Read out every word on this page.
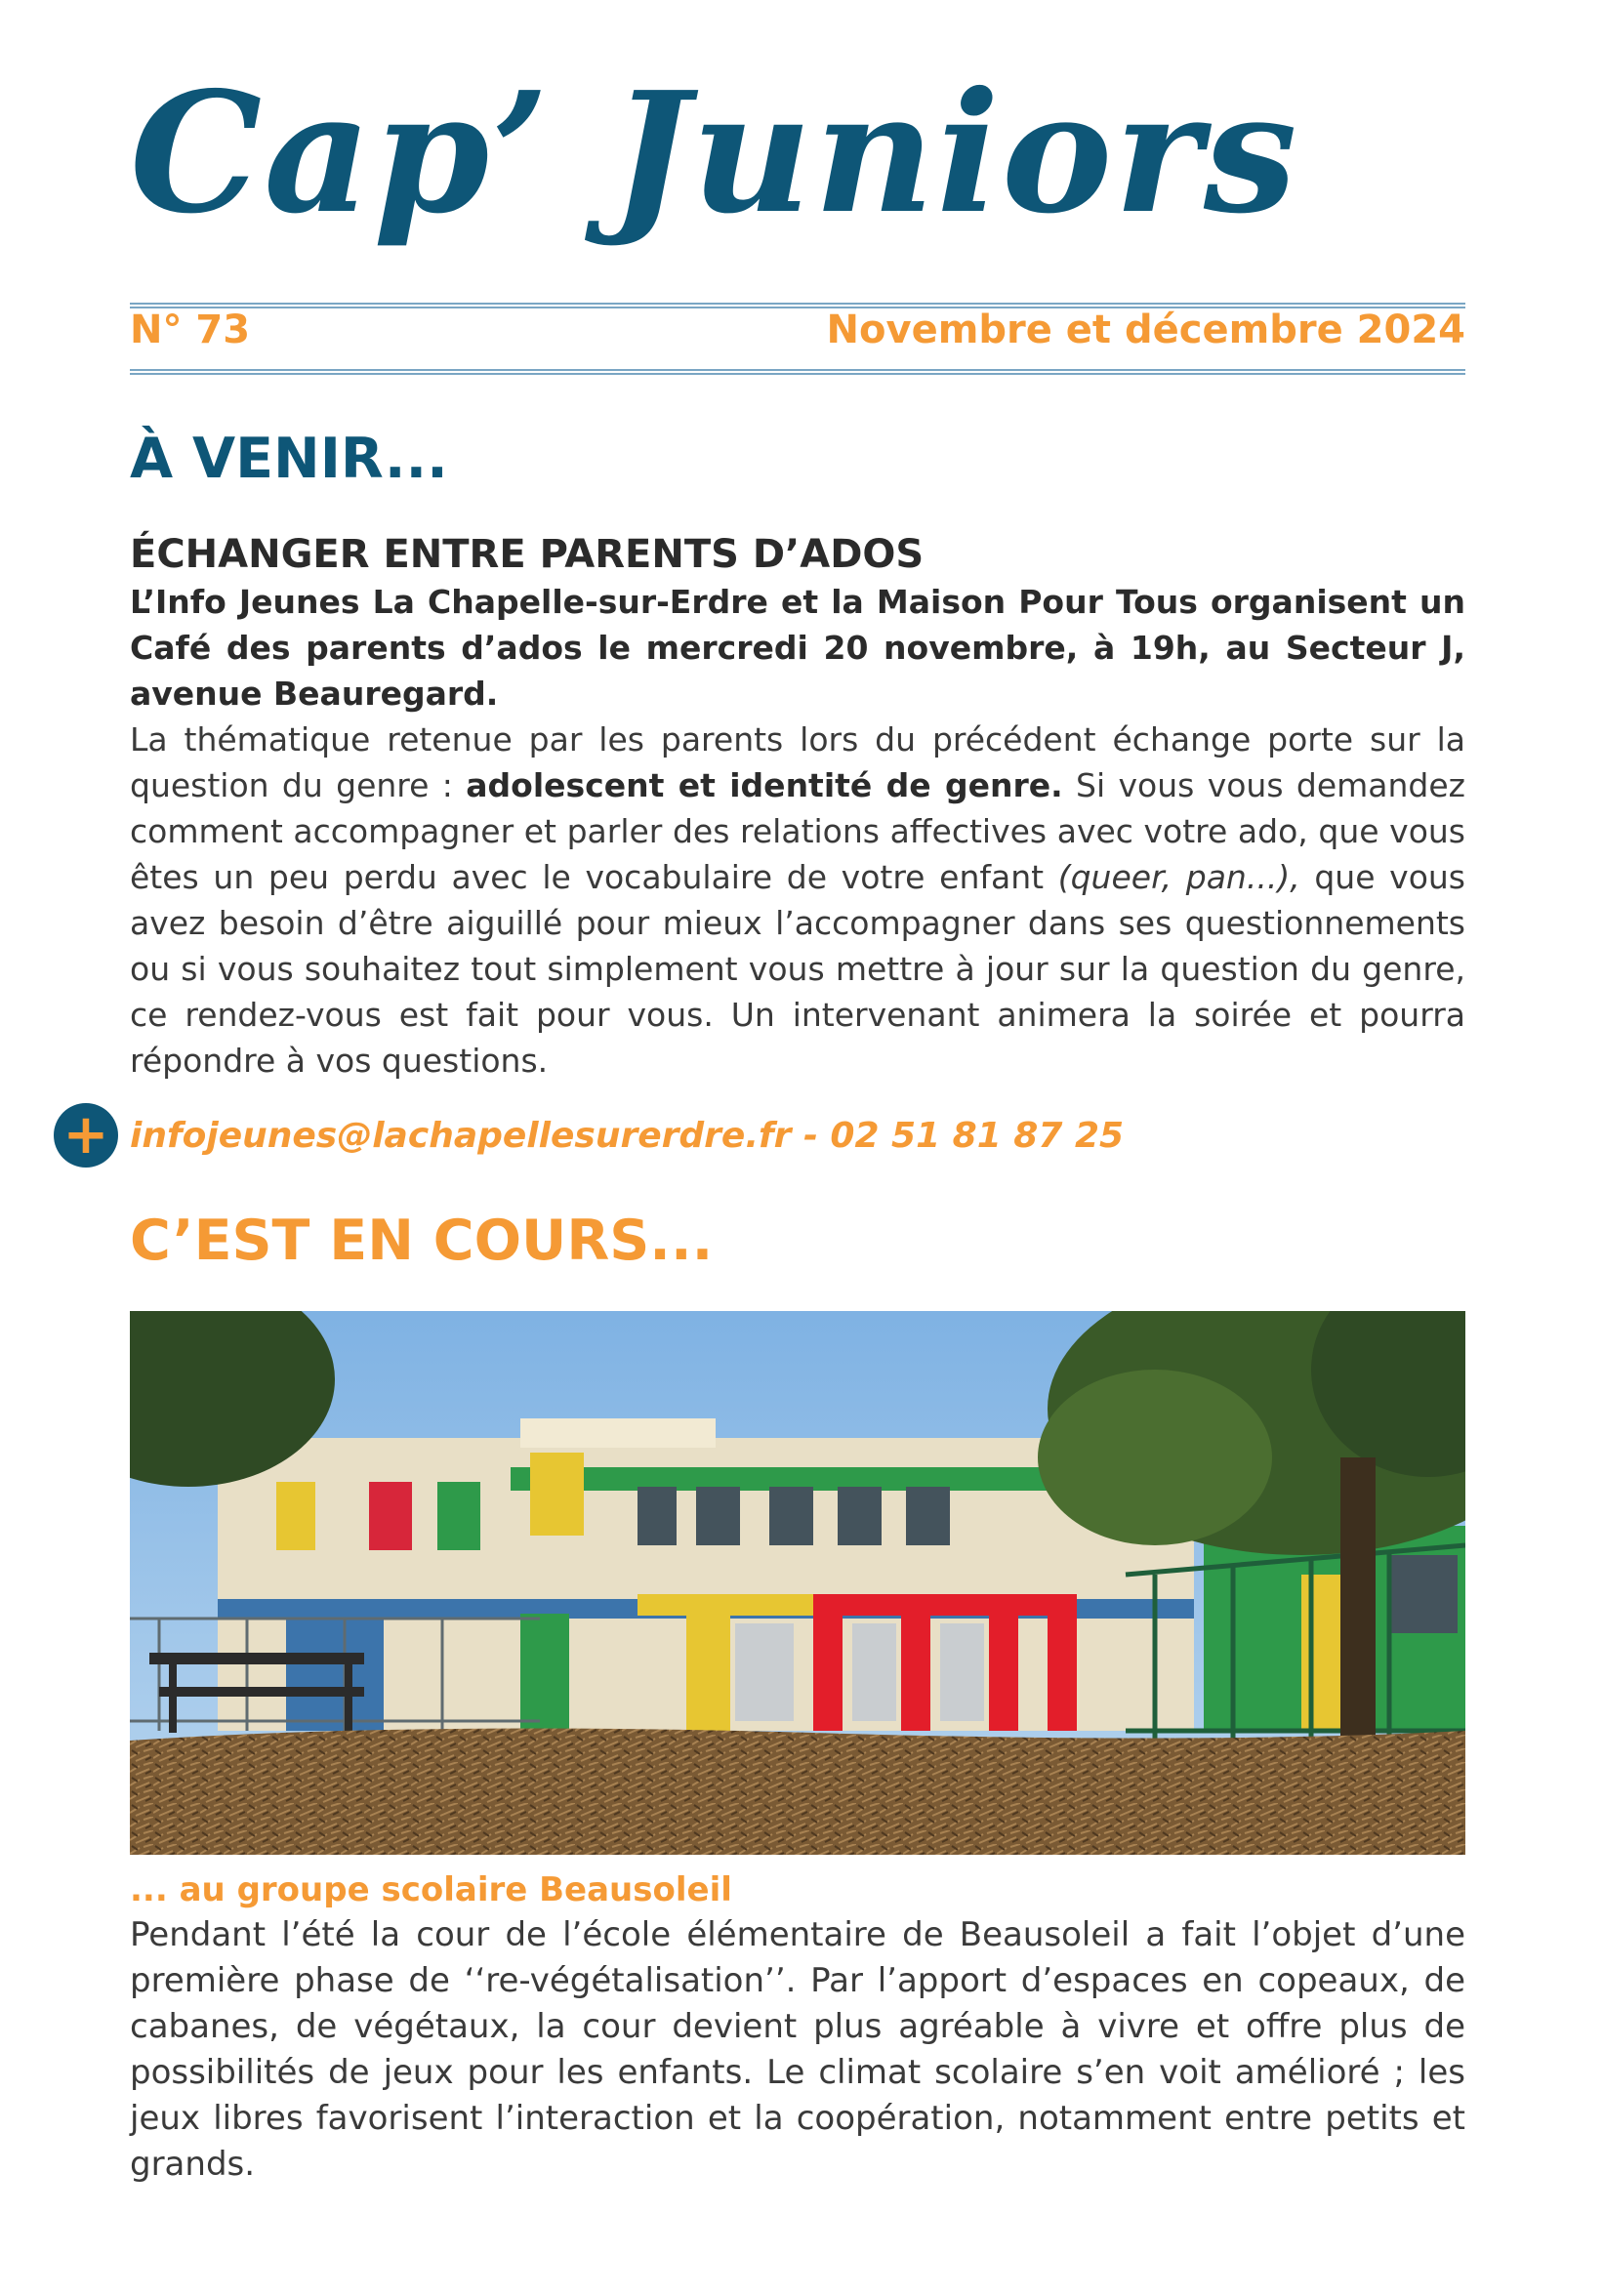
Cap’ Juniors
N° 73	Novembre et décembre 2024
À VENIR...
ÉCHANGER ENTRE PARENTS D’ADOS

L’Info Jeunes La Chapelle-sur-Erdre et la Maison Pour Tous organisent un Café des parents d’ados le mercredi 20 novembre, à 19h, au Secteur J, avenue Beauregard.

La thématique retenue par les parents lors du précédent échange porte sur la question du genre : adolescent et identité de genre. Si vous vous demandez comment accompagner et parler des relations affectives avec votre ado, que vous êtes un peu perdu avec le vocabulaire de votre enfant (queer, pan...), que vous avez besoin d’être aiguillé pour mieux l’accompagner dans ses questionnements ou si vous souhaitez tout simplement vous mettre à jour sur la question du genre, ce rendez-vous est fait pour vous. Un intervenant animera la soirée et pourra répondre à vos questions.

+ infojeunes@lachapellesurerdre.fr - 02 51 81 87 25
C’EST EN COURS...
... au groupe scolaire Beausoleil

Pendant l’été la cour de l’école élémentaire de Beausoleil a fait l’objet d’une première phase de ‘‘re-végétalisation’’. Par l’apport d’espaces en copeaux, de cabanes, de végétaux, la cour devient plus agréable à vivre et offre plus de possibilités de jeux pour les enfants. Le climat scolaire s’en voit amélioré ; les jeux libres favorisent l’interaction et la coopération, notamment entre petits et grands.
